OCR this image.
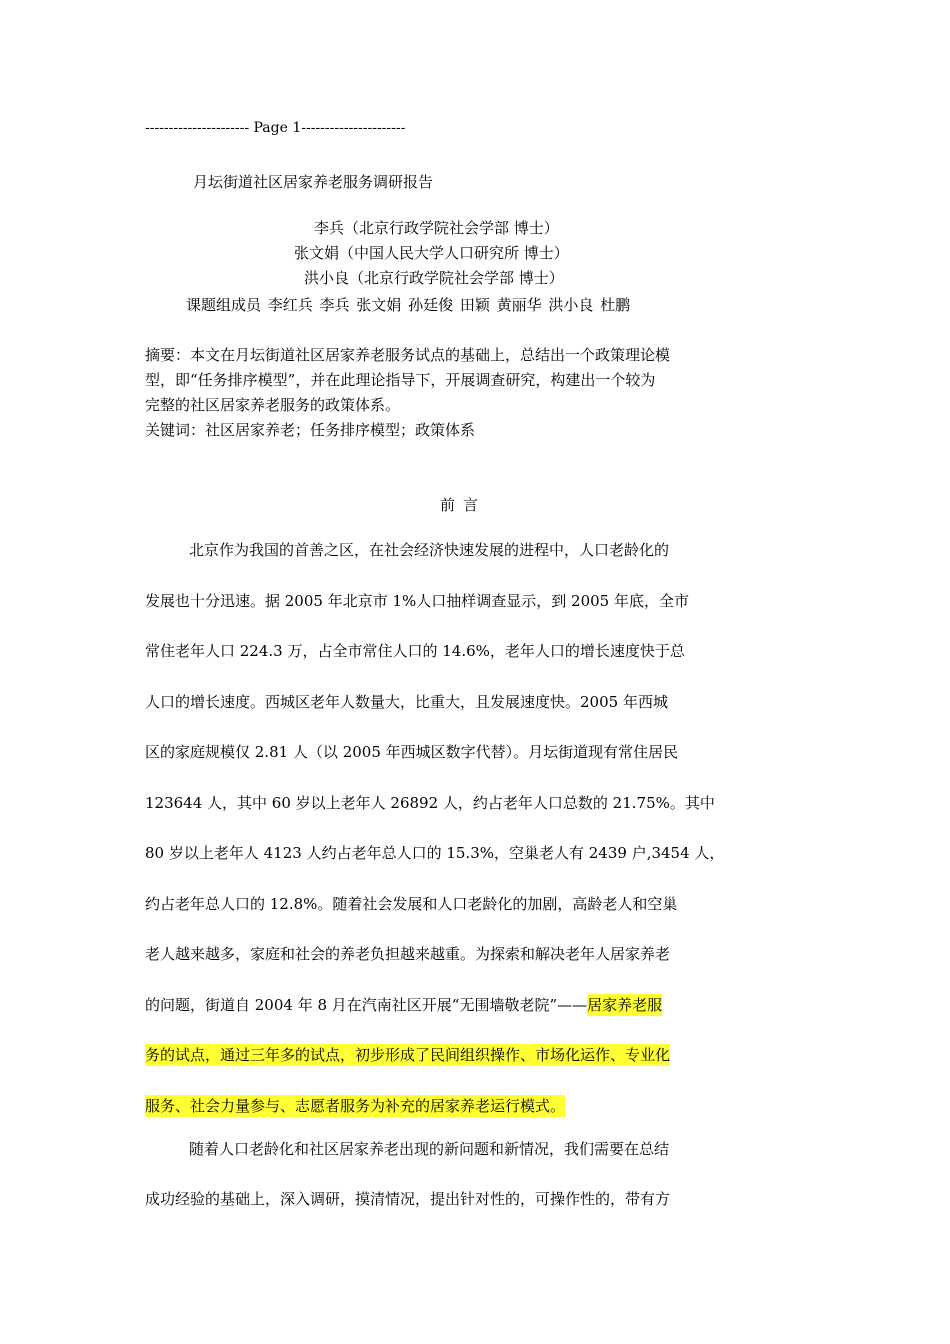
---------------------- Page 1----------------------
月坛街道社区居家养老服务调研报告
李兵（北京行政学院社会学部 博士）
张文娟（中国人民大学人口研究所 博士）
洪小良（北京行政学院社会学部 博士）
课题组成员 李红兵 李兵 张文娟 孙廷俊 田颖 黄丽华 洪小良 杜鹏
摘要：本文在月坛街道社区居家养老服务试点的基础上，总结出一个政策理论模
型，即“任务排序模型”，并在此理论指导下，开展调查研究，构建出一个较为
完整的社区居家养老服务的政策体系。
关键词：社区居家养老；任务排序模型；政策体系
前言
北京作为我国的首善之区，在社会经济快速发展的进程中，人口老龄化的
发展也十分迅速。据 2005 年北京市 1%人口抽样调查显示，到 2005 年底，全市
常住老年人口 224.3 万，占全市常住人口的 14.6%，老年人口的增长速度快于总
人口的增长速度。西城区老年人数量大，比重大，且发展速度快。2005 年西城
区的家庭规模仅 2.81 人（以 2005 年西城区数字代替）。月坛街道现有常住居民
123644 人，其中 60 岁以上老年人 26892 人，约占老年人口总数的 21.75%。其中
80 岁以上老年人 4123 人约占老年总人口的 15.3%，空巢老人有 2439 户,3454 人，
约占老年总人口的 12.8%。随着社会发展和人口老龄化的加剧，高龄老人和空巢
老人越来越多，家庭和社会的养老负担越来越重。为探索和解决老年人居家养老
的问题，街道自 2004 年 8 月在汽南社区开展“无围墙敬老院”——居家养老服
务的试点，通过三年多的试点，初步形成了民间组织操作、市场化运作、专业化
服务、社会力量参与、志愿者服务为补充的居家养老运行模式。
随着人口老龄化和社区居家养老出现的新问题和新情况，我们需要在总结
成功经验的基础上，深入调研，摸清情况，提出针对性的，可操作性的，带有方
